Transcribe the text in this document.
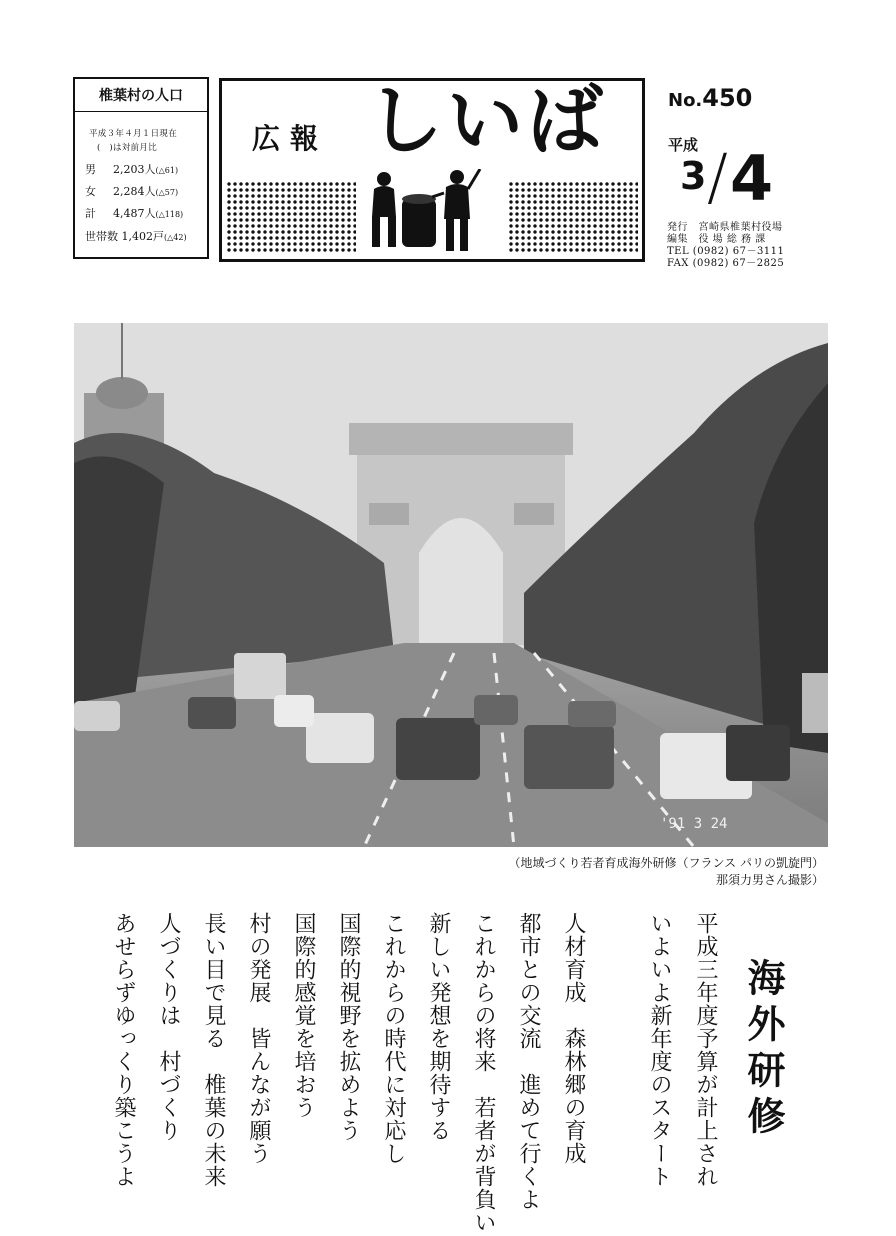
椎葉村の人口
平成３年４月１日現在
(　)は対前月比
男 2,203人(△61)
女 2,284人(△57)
計 4,487人(△118)
世帯数 1,402戸(△42)
広報 しいば	No.450
平成
3 / 4
発行　宮崎県椎葉村役場
編集　役 場 総 務 課
TEL (0982) 67－3111
FAX (0982) 67－2825
'91 3 24
（地域づくり若者育成海外研修（フランス パリの凱旋門）
那須力男さん撮影）
海外研修
平成三年度予算が計上され
いよいよ新年度のスタート
人材育成　森林郷の育成
都市との交流　進めて行くよ
これからの将来　若者が背負い
新しい発想を期待する
これからの時代に対応し
国際的視野を拡めよう
国際的感覚を培おう
村の発展　皆んなが願う
長い目で見る　椎葉の未来
人づくりは　村づくり
あせらずゆっくり築こうよ
